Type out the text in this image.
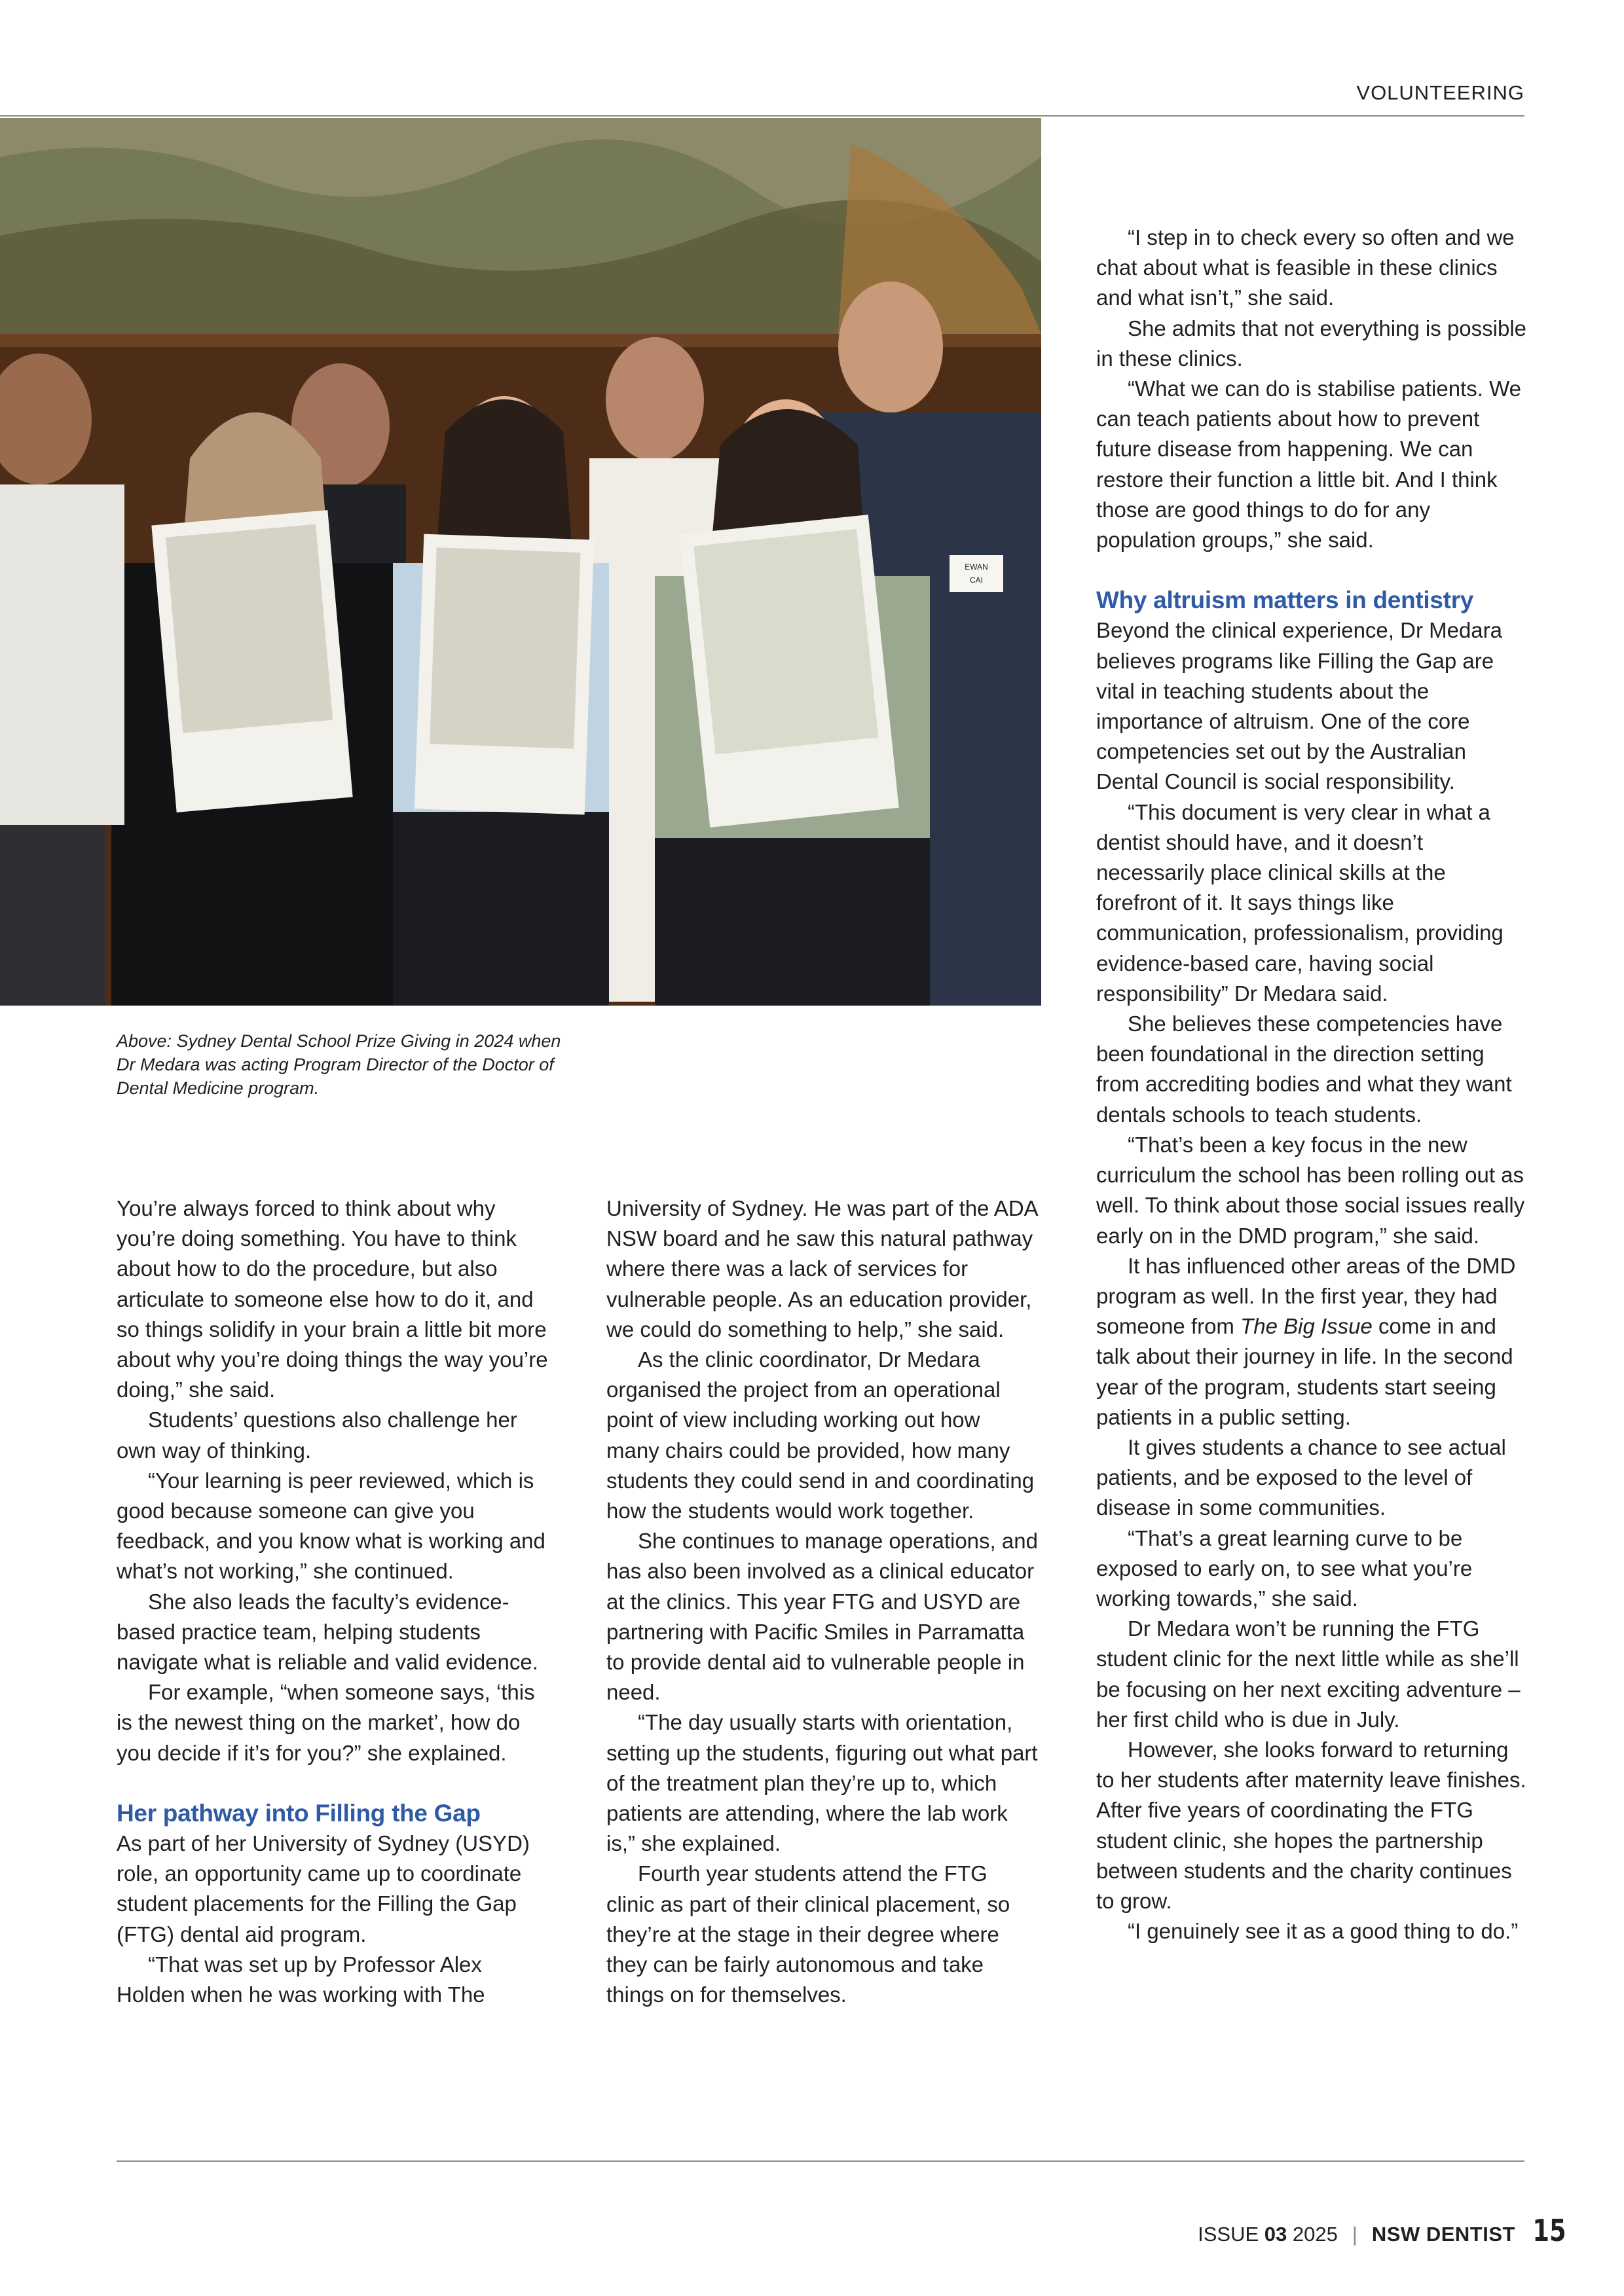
VOLUNTEERING
EWAN
CAI
Above: Sydney Dental School Prize Giving in 2024 when Dr Medara was acting Program Director of the Doctor of Dental Medicine program.

You’re always forced to think about why you’re doing something. You have to think about how to do the procedure, but also articulate to someone else how to do it, and so things solidify in your brain a little bit more about why you’re doing things the way you’re doing,” she said.

Students’ questions also challenge her own way of thinking.

“Your learning is peer reviewed, which is good because someone can give you feedback, and you know what is working and what’s not working,” she continued.

She also leads the faculty’s evidence-based practice team, helping students navigate what is reliable and valid evidence.

For example, “when someone says, ‘this is the newest thing on the market’, how do you decide if it’s for you?” she explained.

Her pathway into Filling the Gap

As part of her University of Sydney (USYD) role, an opportunity came up to coordinate student placements for the Filling the Gap (FTG) dental aid program.

“That was set up by Professor Alex Holden when he was working with The

University of Sydney. He was part of the ADA NSW board and he saw this natural pathway where there was a lack of services for vulnerable people. As an education provider, we could do something to help,” she said.

As the clinic coordinator, Dr Medara organised the project from an operational point of view including working out how many chairs could be provided, how many students they could send in and coordinating how the students would work together.

She continues to manage operations, and has also been involved as a clinical educator at the clinics. This year FTG and USYD are partnering with Pacific Smiles in Parramatta to provide dental aid to vulnerable people in need.

“The day usually starts with orientation, setting up the students, figuring out what part of the treatment plan they’re up to, which patients are attending, where the lab work is,” she explained.

Fourth year students attend the FTG clinic as part of their clinical placement, so they’re at the stage in their degree where they can be fairly autonomous and take things on for themselves.

“I step in to check every so often and we chat about what is feasible in these clinics and what isn’t,” she said.

She admits that not everything is possible in these clinics.

“What we can do is stabilise patients. We can teach patients about how to prevent future disease from happening. We can restore their function a little bit. And I think those are good things to do for any population groups,” she said.

Why altruism matters in dentistry

Beyond the clinical experience, Dr Medara believes programs like Filling the Gap are vital in teaching students about the importance of altruism. One of the core competencies set out by the Australian Dental Council is social responsibility.

“This document is very clear in what a dentist should have, and it doesn’t necessarily place clinical skills at the forefront of it. It says things like communication, professionalism, providing evidence-based care, having social responsibility” Dr Medara said.

She believes these competencies have been foundational in the direction setting from accrediting bodies and what they want dentals schools to teach students.

“That’s been a key focus in the new curriculum the school has been rolling out as well. To think about those social issues really early on in the DMD program,” she said.

It has influenced other areas of the DMD program as well. In the first year, they had someone from The Big Issue come in and talk about their journey in life. In the second year of the program, students start seeing patients in a public setting.

It gives students a chance to see actual patients, and be exposed to the level of disease in some communities.

“That’s a great learning curve to be exposed to early on, to see what you’re working towards,” she said.

Dr Medara won’t be running the FTG student clinic for the next little while as she’ll be focusing on her next exciting adventure – her first child who is due in July.

However, she looks forward to returning to her students after maternity leave finishes. After five years of coordinating the FTG student clinic, she hopes the partnership between students and the charity continues to grow.

“I genuinely see it as a good thing to do.”

ISSUE 03 2025 | NSW DENTIST 15
